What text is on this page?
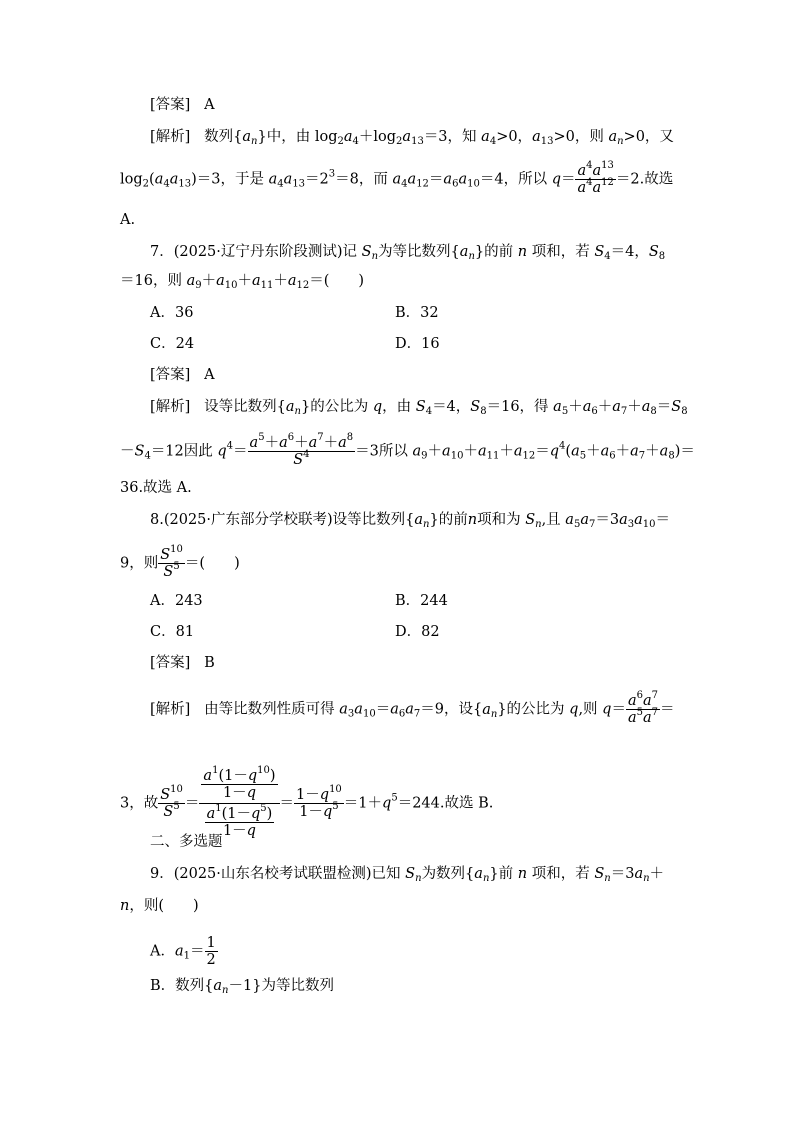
[答案] A
[解析] 数列$\{a_n\}$中，由 $\log_2a_4+\log_2a_{13}=3$，知 $a_4>0$，$a_{13}>0$，则 $a_n>0$，又
$\log_2(a_4a_{13})=3$，于是 $a_4a_{13}=2^3=8$，而 $a_4a_{12}=a_6a_{10}=4$，所以 $q= \frac{a^4a^{13}}{a^4a^{12}} =2$.故选
A.
7．(2025·辽宁丹东阶段测试)记 $S_n$为等比数列$\{a_n\}$的前 n 项和，若 $S_4=4$，$S_8$
＝16，则 $a_9+a_{10}+a_{11}+a_{12}=$(　　)
A．36	B．32
C．24	D．16
[答案] A
[解析] 设等比数列$\{a_n\}$的公比为 q，由 $S_4=4$，$S_8=16$，得 $a_5+a_6+a_7+a_8=S_8$
$-S_4=12$因此 $q^4= \frac{a^5+a^6+a^7+a^8}{S^4} =3$所以 $a_9+a_{10}+a_{11}+a_{12}=q^4(a_5+a_6+a_7+a_8)=$
36.故选 A.
8.(2025·广东部分学校联考)设等比数列$\{a_n\}$的前n项和为 $S_n$,且 $a_5a_7=3a_3a_{10}=$
9，则 $\frac{S^{10}}{S^5}$ ＝(　　)
A．243	B．244
C．81	D．82
[答案] B
[解析] 由等比数列性质可得 $a_3a_{10}=a_6a_7=9$，设$\{a_n\}$的公比为 q,则 $q= \frac{a^6a^7}{a^5a^7}$ ＝
3，故 $\frac{S^{10}}{S^5} = \frac{\frac{a^1(1-q^{10})}{1-q}}{\frac{a^1(1-q^5)}{1-q}} = \frac{1-q^{10}}{1-q^5} =1+q^5=244$.故选 B.
二、多选题
9．(2025·山东名校考试联盟检测)已知 $S_n$为数列$\{a_n\}$前 n 项和，若 $S_n=3a_n+$
n，则(　　)
A．$a_1= \frac{1}{2}$
B．数列$\{a_n-1\}$为等比数列
